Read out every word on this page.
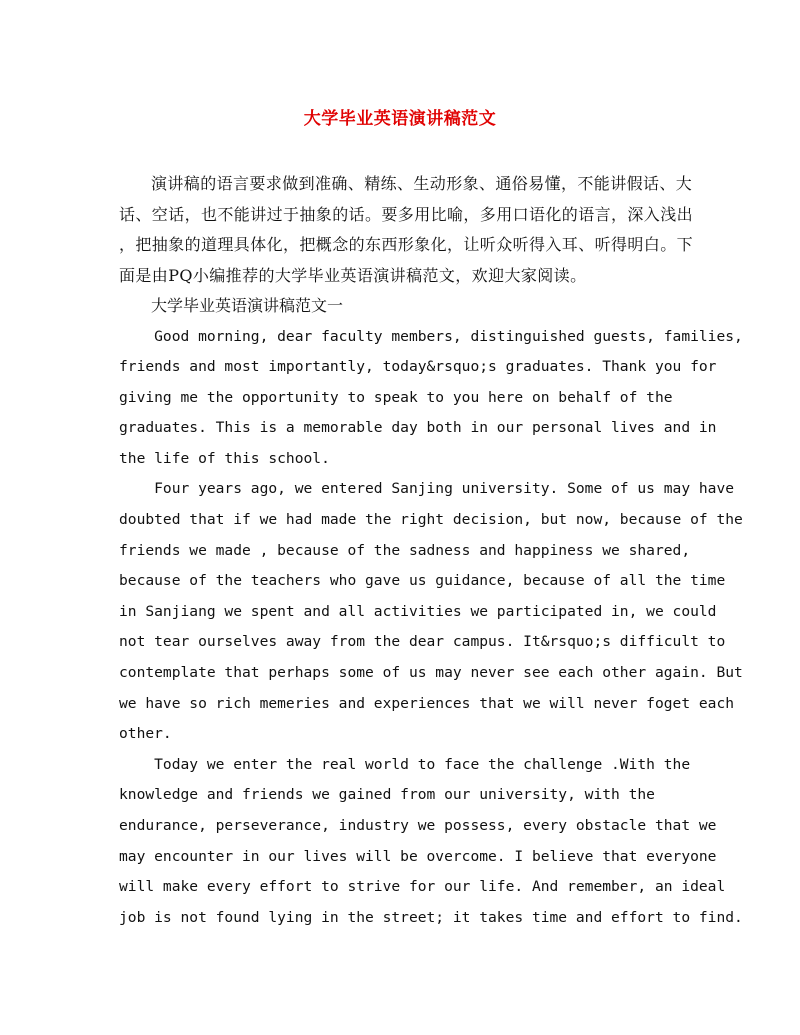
大学毕业英语演讲稿范文
演讲稿的语言要求做到准确、精练、生动形象、通俗易懂，不能讲假话、大
话、空话，也不能讲过于抽象的话。要多用比喻，多用口语化的语言，深入浅出
，把抽象的道理具体化，把概念的东西形象化，让听众听得入耳、听得明白。下
面是由PQ小编推荐的大学毕业英语演讲稿范文，欢迎大家阅读。
大学毕业英语演讲稿范文一
Good morning, dear faculty members, distinguished guests, families,
friends and most importantly, today&rsquo;s graduates. Thank you for
giving me the opportunity to speak to you here on behalf of the
graduates. This is a memorable day both in our personal lives and in
the life of this school.
Four years ago, we entered Sanjing university. Some of us may have
doubted that if we had made the right decision, but now, because of the
friends we made , because of the sadness and happiness we shared,
because of the teachers who gave us guidance, because of all the time
in Sanjiang we spent and all activities we participated in, we could
not tear ourselves away from the dear campus. It&rsquo;s difficult to
contemplate that perhaps some of us may never see each other again. But
we have so rich memeries and experiences that we will never foget each
other.
Today we enter the real world to face the challenge .With the
knowledge and friends we gained from our university, with the
endurance, perseverance, industry we possess, every obstacle that we
may encounter in our lives will be overcome. I believe that everyone
will make every effort to strive for our life. And remember, an ideal
job is not found lying in the street; it takes time and effort to find.
